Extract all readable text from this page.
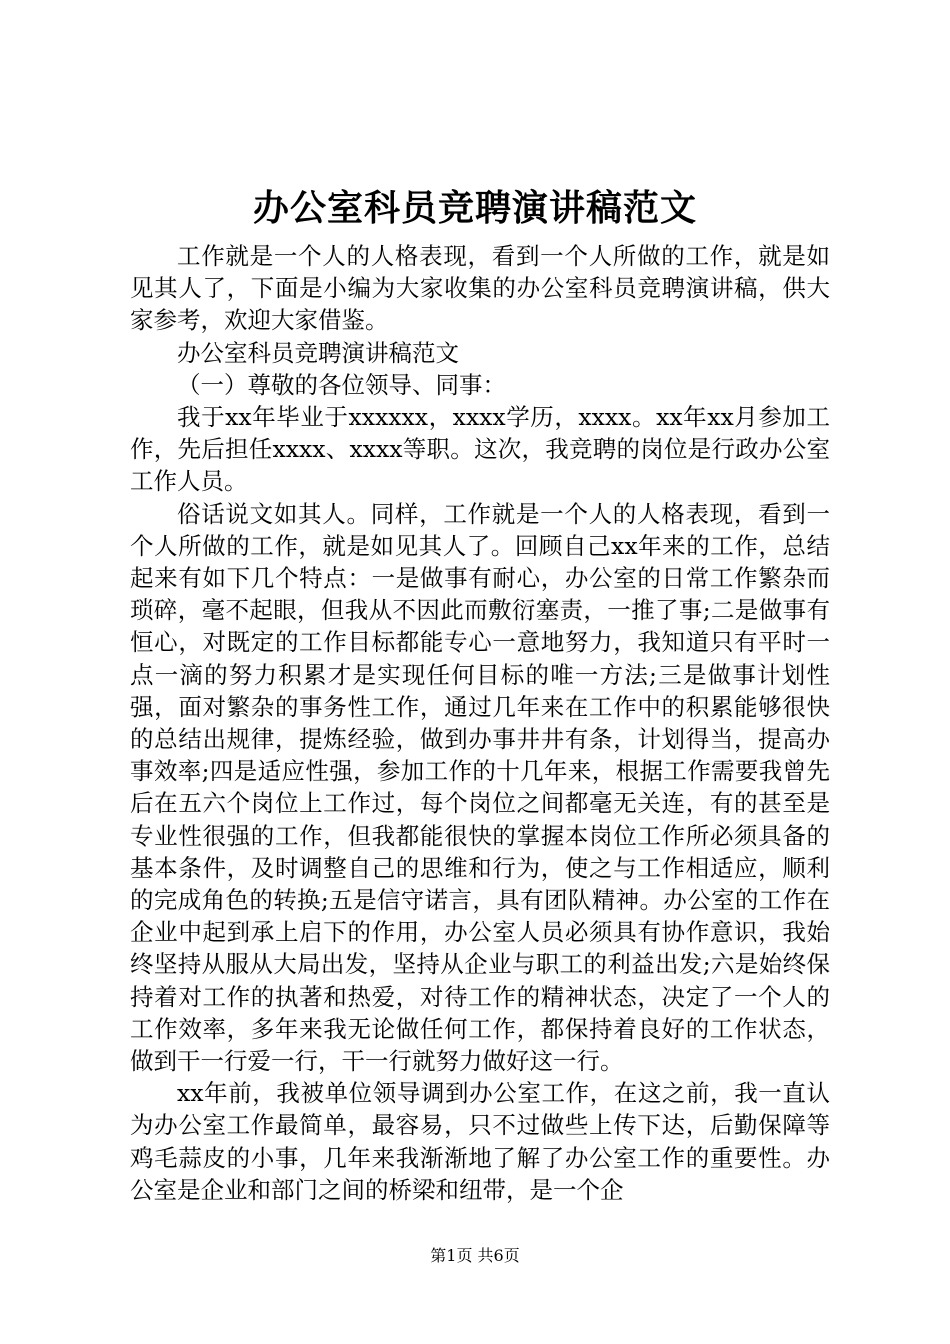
办公室科员竞聘演讲稿范文

工作就是一个人的人格表现，看到一个人所做的工作，就是如见其人了，下面是小编为大家收集的办公室科员竞聘演讲稿，供大家参考，欢迎大家借鉴。

办公室科员竞聘演讲稿范文

（一）尊敬的各位领导、同事：

我于xx年毕业于xxxxxx，xxxx学历，xxxx。xx年xx月参加工作，先后担任xxxx、xxxx等职。这次，我竞聘的岗位是行政办公室工作人员。

俗话说文如其人。同样，工作就是一个人的人格表现，看到一个人所做的工作，就是如见其人了。回顾自己xx年来的工作，总结起来有如下几个特点：一是做事有耐心，办公室的日常工作繁杂而琐碎，毫不起眼，但我从不因此而敷衍塞责，一推了事;二是做事有恒心，对既定的工作目标都能专心一意地努力，我知道只有平时一点一滴的努力积累才是实现任何目标的唯一方法;三是做事计划性强，面对繁杂的事务性工作，通过几年来在工作中的积累能够很快的总结出规律，提炼经验，做到办事井井有条，计划得当，提高办事效率;四是适应性强，参加工作的十几年来，根据工作需要我曾先后在五六个岗位上工作过，每个岗位之间都毫无关连，有的甚至是专业性很强的工作，但我都能很快的掌握本岗位工作所必须具备的基本条件，及时调整自己的思维和行为，使之与工作相适应，顺利的完成角色的转换;五是信守诺言，具有团队精神。办公室的工作在企业中起到承上启下的作用，办公室人员必须具有协作意识，我始终坚持从服从大局出发，坚持从企业与职工的利益出发;六是始终保持着对工作的执著和热爱，对待工作的精神状态，决定了一个人的工作效率，多年来我无论做任何工作，都保持着良好的工作状态，做到干一行爱一行，干一行就努力做好这一行。

xx年前，我被单位领导调到办公室工作，在这之前，我一直认为办公室工作最简单，最容易，只不过做些上传下达，后勤保障等鸡毛蒜皮的小事，几年来我渐渐地了解了办公室工作的重要性。办公室是企业和部门之间的桥梁和纽带，是一个企

第1页 共6页
